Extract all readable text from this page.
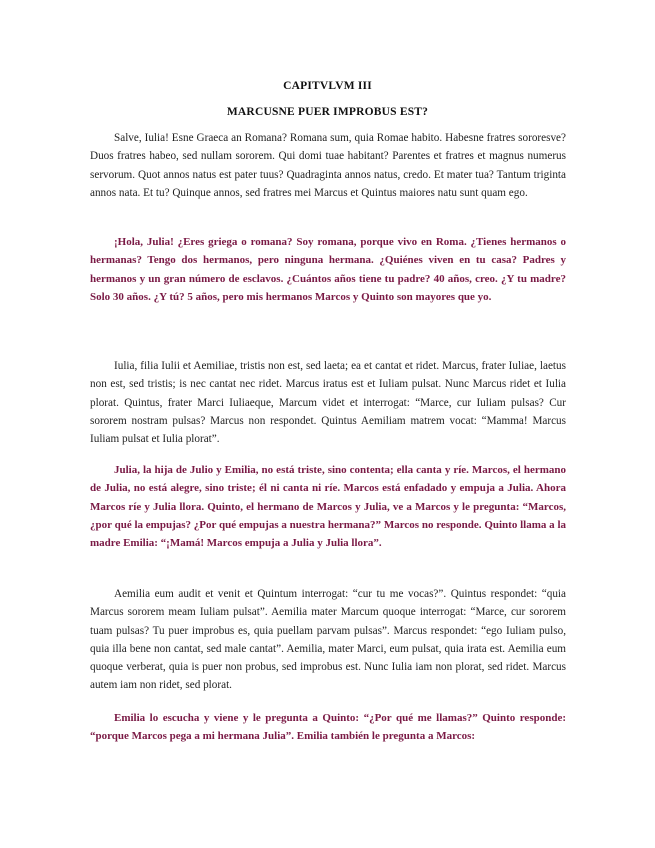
CAPITVLVM III
MARCUSNE PUER IMPROBUS EST?

Salve, Iulia! Esne Graeca an Romana? Romana sum, quia Romae habito. Habesne fratres sororesve? Duos fratres habeo, sed nullam sororem. Qui domi tuae habitant? Parentes et fratres et magnus numerus servorum. Quot annos natus est pater tuus? Quadraginta annos natus, credo. Et mater tua? Tantum triginta annos nata. Et tu? Quinque annos, sed fratres mei Marcus et Quintus maiores natu sunt quam ego.

¡Hola, Julia! ¿Eres griega o romana? Soy romana, porque vivo en Roma. ¿Tienes hermanos o hermanas? Tengo dos hermanos, pero ninguna hermana. ¿Quiénes viven en tu casa? Padres y hermanos y un gran número de esclavos. ¿Cuántos años tiene tu padre? 40 años, creo. ¿Y tu madre? Solo 30 años. ¿Y tú? 5 años, pero mis hermanos Marcos y Quinto son mayores que yo.

Iulia, filia Iulii et Aemiliae, tristis non est, sed laeta; ea et cantat et ridet. Marcus, frater Iuliae, laetus non est, sed tristis; is nec cantat nec ridet. Marcus iratus est et Iuliam pulsat. Nunc Marcus ridet et Iulia plorat. Quintus, frater Marci Iuliaeque, Marcum videt et interrogat: “Marce, cur Iuliam pulsas? Cur sororem nostram pulsas? Marcus non respondet. Quintus Aemiliam matrem vocat: “Mamma! Marcus Iuliam pulsat et Iulia plorat”.

Julia, la hija de Julio y Emilia, no está triste, sino contenta; ella canta y ríe. Marcos, el hermano de Julia, no está alegre, sino triste; él ni canta ni ríe. Marcos está enfadado y empuja a Julia. Ahora Marcos ríe y Julia llora. Quinto, el hermano de Marcos y Julia, ve a Marcos y le pregunta: “Marcos, ¿por qué la empujas? ¿Por qué empujas a nuestra hermana?” Marcos no responde. Quinto llama a la madre Emilia: “¡Mamá! Marcos empuja a Julia y Julia llora”.

Aemilia eum audit et venit et Quintum interrogat: “cur tu me vocas?”. Quintus respondet: “quia Marcus sororem meam Iuliam pulsat”. Aemilia mater Marcum quoque interrogat: “Marce, cur sororem tuam pulsas? Tu puer improbus es, quia puellam parvam pulsas”. Marcus respondet: “ego Iuliam pulso, quia illa bene non cantat, sed male cantat”. Aemilia, mater Marci, eum pulsat, quia irata est. Aemilia eum quoque verberat, quia is puer non probus, sed improbus est. Nunc Iulia iam non plorat, sed ridet. Marcus autem iam non ridet, sed plorat.

Emilia lo escucha y viene y le pregunta a Quinto: “¿Por qué me llamas?” Quinto responde: “porque Marcos pega a mi hermana Julia”. Emilia también le pregunta a Marcos:
